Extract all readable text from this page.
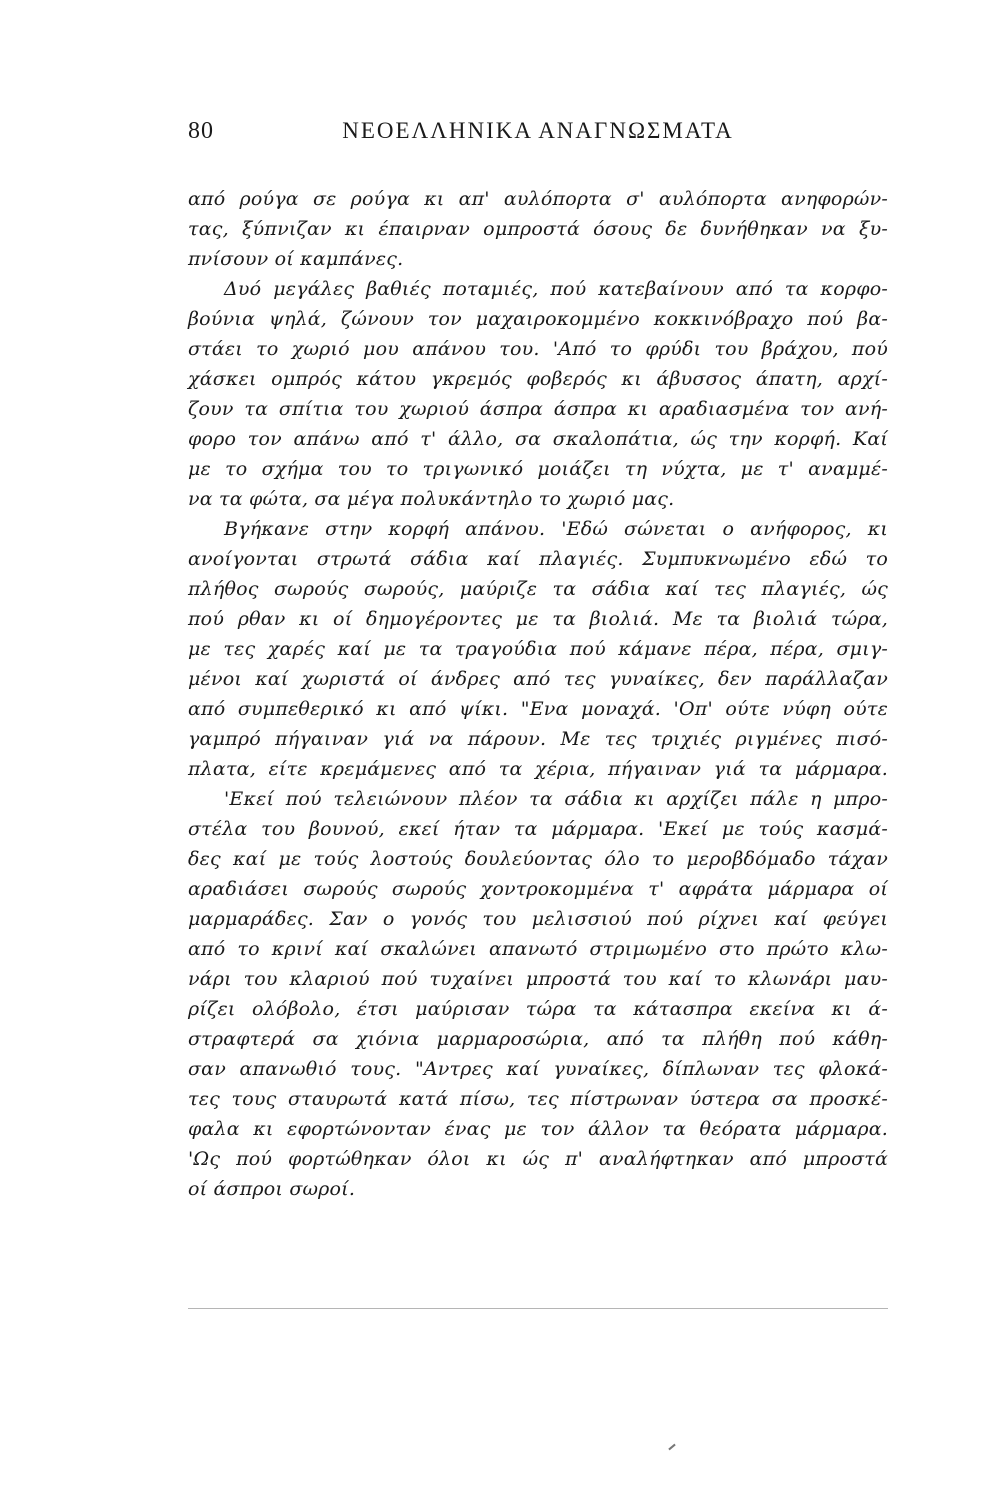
80	ΝΕΟΕΛΛΗΝΙΚΑ ΑΝΑΓΝΩΣΜΑΤΑ
από ρούγα σε ρούγα κι απ' αυλόπορτα σ' αυλόπορτα ανηφορών-
τας, ξύπνιζαν κι έπαιρναν ομπροστά όσους δε δυνήθηκαν να ξυ-
πνίσουν οί καμπάνες.
Δυό μεγάλες βαθιές ποταμιές, πού κατεβαίνουν από τα κορφο-
βούνια ψηλά, ζώνουν τον μαχαιροκομμένο κοκκινόβραχο πού βα-
στάει το χωριό μου απάνου του. 'Από το φρύδι του βράχου, πού
χάσκει ομπρός κάτου γκρεμός φοβερός κι άβυσσος άπατη, αρχί-
ζουν τα σπίτια του χωριού άσπρα άσπρα κι αραδιασμένα τον ανή-
φορο τον απάνω από τ' άλλο, σα σκαλοπάτια, ώς την κορφή. Καί
με το σχήμα του το τριγωνικό μοιάζει τη νύχτα, με τ' αναμμέ-
να τα φώτα, σα μέγα πολυκάντηλο το χωριό μας.
Βγήκανε στην κορφή απάνου. 'Εδώ σώνεται ο ανήφορος, κι
ανοίγονται στρωτά σάδια καί πλαγιές. Συμπυκνωμένο εδώ το
πλήθος σωρούς σωρούς, μαύριζε τα σάδια καί τες πλαγιές, ώς
πού ρθαν κι οί δημογέροντες με τα βιολιά. Με τα βιολιά τώρα,
με τες χαρές καί με τα τραγούδια πού κάμανε πέρα, πέρα, σμιγ-
μένοι καί χωριστά οί άνδρες από τες γυναίκες, δεν παράλλαζαν
από συμπεθερικό κι από ψίκι. "Ενα μοναχά. 'Οπ' ούτε νύφη ούτε
γαμπρό πήγαιναν γιά να πάρουν. Με τες τριχιές ριγμένες πισό-
πλατα, είτε κρεμάμενες από τα χέρια, πήγαιναν γιά τα μάρμαρα.
'Εκεί πού τελειώνουν πλέον τα σάδια κι αρχίζει πάλε η μπρο-
στέλα του βουνού, εκεί ήταν τα μάρμαρα. 'Εκεί με τούς κασμά-
δες καί με τούς λοστούς δουλεύοντας όλο το μεροβδόμαδο τάχαν
αραδιάσει σωρούς σωρούς χοντροκομμένα τ' αφράτα μάρμαρα οί
μαρμαράδες. Σαν ο γονός του μελισσιού πού ρίχνει καί φεύγει
από το κρινί καί σκαλώνει απανωτό στριμωμένο στο πρώτο κλω-
νάρι του κλαριού πού τυχαίνει μπροστά του καί το κλωνάρι μαυ-
ρίζει ολόβολο, έτσι μαύρισαν τώρα τα κάτασπρα εκείνα κι ά-
στραφτερά σα χιόνια μαρμαροσώρια, από τα πλήθη πού κάθη-
σαν απανωθιό τους. "Αντρες καί γυναίκες, δίπλωναν τες φλοκά-
τες τους σταυρωτά κατά πίσω, τες πίστρωναν ύστερα σα προσκέ-
φαλα κι εφορτώνονταν ένας με τον άλλον τα θεόρατα μάρμαρα.
'Ως πού φορτώθηκαν όλοι κι ώς π' αναλήφτηκαν από μπροστά
οί άσπροι σωροί.
